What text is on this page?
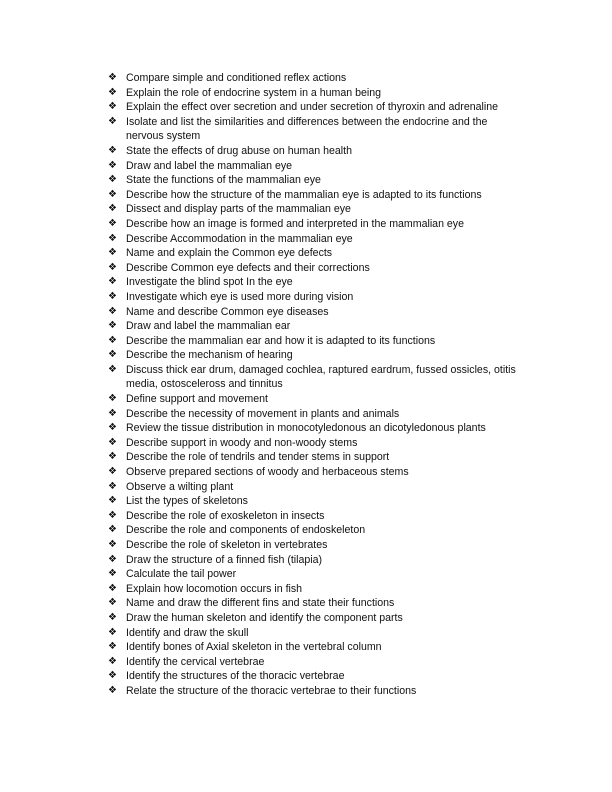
❖ Compare simple and conditioned reflex actions
❖ Explain the role of endocrine system in a human being
❖ Explain the effect over secretion and under secretion of thyroxin and adrenaline
❖ Isolate and list the similarities and differences between the endocrine and the nervous system
❖ State the effects of drug abuse on human health
❖ Draw and label the mammalian eye
❖ State the functions of the mammalian eye
❖ Describe how the structure of the mammalian eye is adapted to its functions
❖ Dissect and display parts of the mammalian eye
❖ Describe how an image is formed and interpreted in the mammalian eye
❖ Describe Accommodation in the mammalian eye
❖ Name and explain the Common eye defects
❖ Describe Common eye defects and their corrections
❖ Investigate the blind spot In the eye
❖ Investigate which eye is used more during vision
❖ Name and describe Common eye diseases
❖ Draw and label the mammalian ear
❖ Describe the mammalian ear and how it is adapted to its functions
❖ Describe the mechanism of hearing
❖ Discuss thick ear drum, damaged cochlea, raptured eardrum, fussed ossicles, otitis media, ostosceleross and tinnitus
❖ Define support and movement
❖ Describe the necessity of movement in plants and animals
❖ Review the tissue distribution in monocotyledonous an dicotyledonous plants
❖ Describe support in woody and non-woody stems
❖ Describe the role of tendrils and tender stems in support
❖ Observe prepared sections of woody and herbaceous stems
❖ Observe a wilting plant
❖ List the types of skeletons
❖ Describe the role of exoskeleton in insects
❖ Describe the role and components of endoskeleton
❖ Describe the role of skeleton in vertebrates
❖ Draw the structure of a finned fish (tilapia)
❖ Calculate the tail power
❖ Explain how locomotion occurs in fish
❖ Name and draw the different fins and state their functions
❖ Draw the human skeleton and identify the component parts
❖ Identify and draw the skull
❖ Identify bones of Axial skeleton in the vertebral column
❖ Identify the cervical vertebrae
❖ Identify the structures of the thoracic vertebrae
❖ Relate the structure of the thoracic vertebrae to their functions
